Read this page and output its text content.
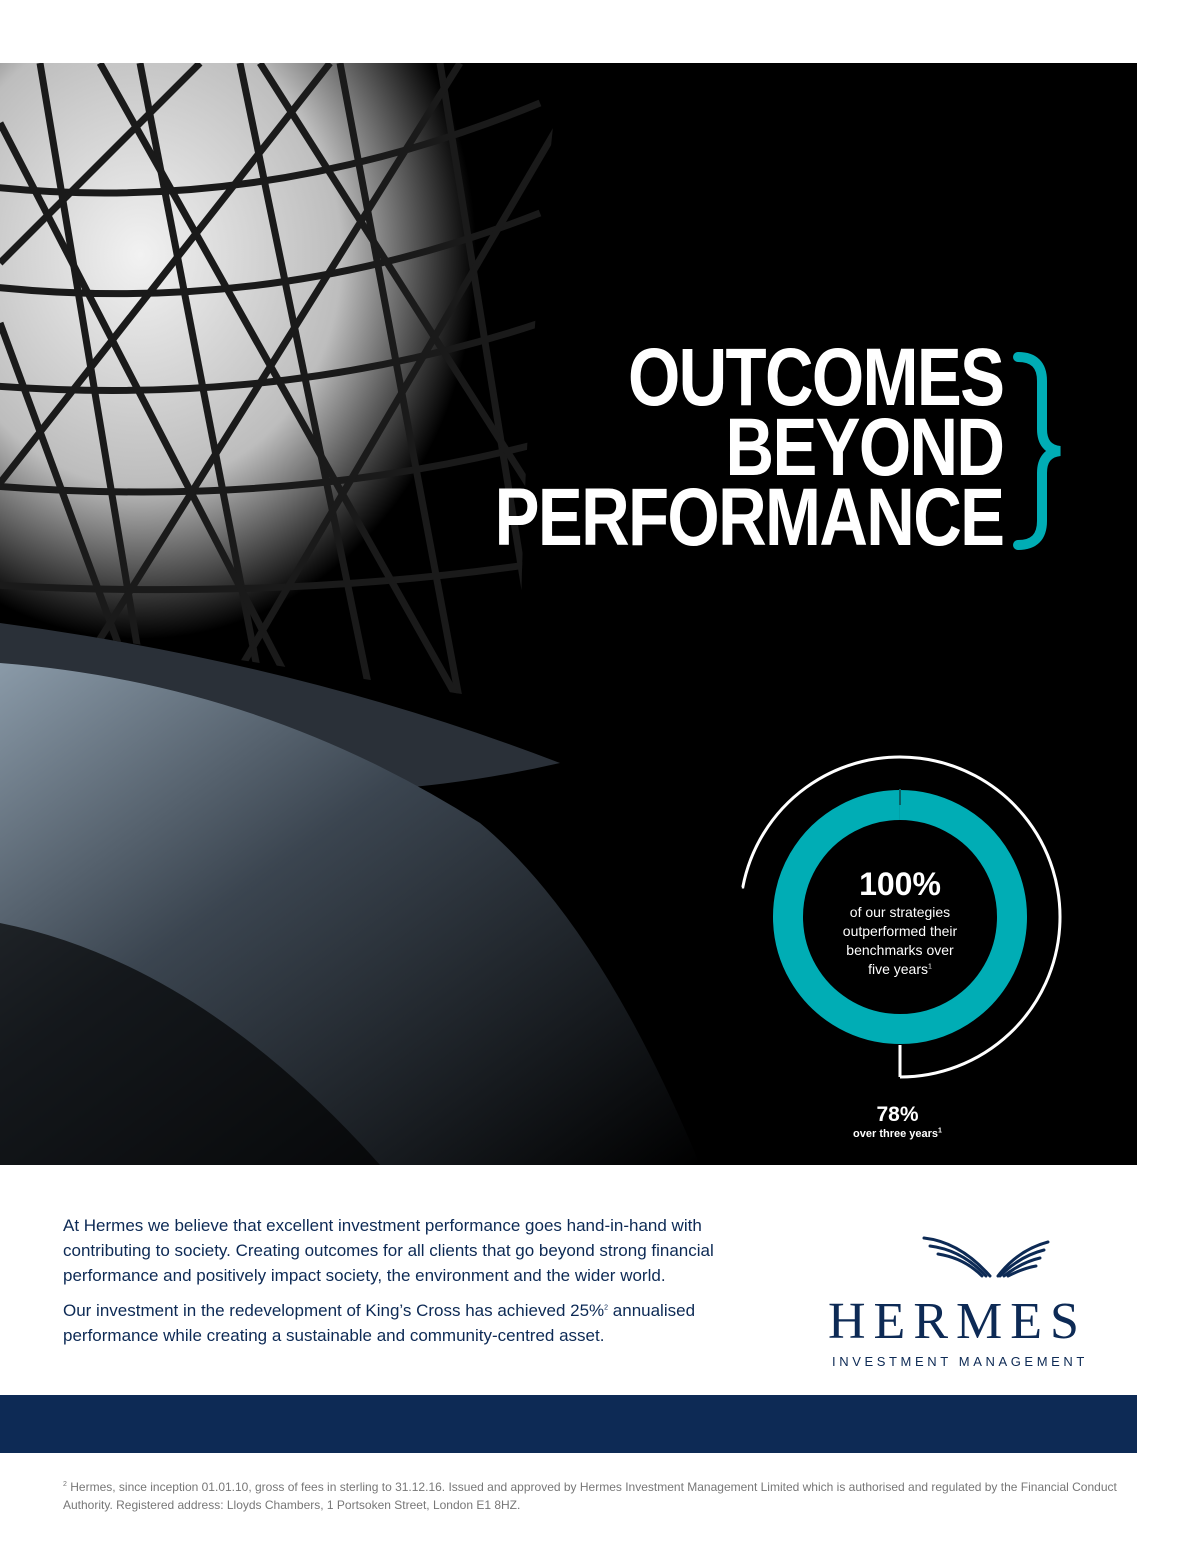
OUTCOMES
BEYOND
PERFORMANCE
100%
of our strategies
outperformed their
benchmarks over
five years$^1$
78%
over three years$^1$
Past performance is not a guide to the future. The value of investments can fall as well as rise and you may not get back the original amount invested.

At Hermes we believe that excellent investment performance goes hand-in-hand with contributing to society. Creating outcomes for all clients that go beyond strong financial performance and positively impact society, the environment and the wider world.

Our investment in the redevelopment of King’s Cross has achieved 25%$^2$ annualised performance while creating a sustainable and community-centred asset.	HERMES
INVESTMENT MANAGEMENT
$^2$ Hermes, since inception 01.01.10, gross of fees in sterling to 31.12.16. Issued and approved by Hermes Investment Management Limited which is authorised and regulated by the Financial Conduct Authority. Registered address: Lloyds Chambers, 1 Portsoken Street, London E1 8HZ.
